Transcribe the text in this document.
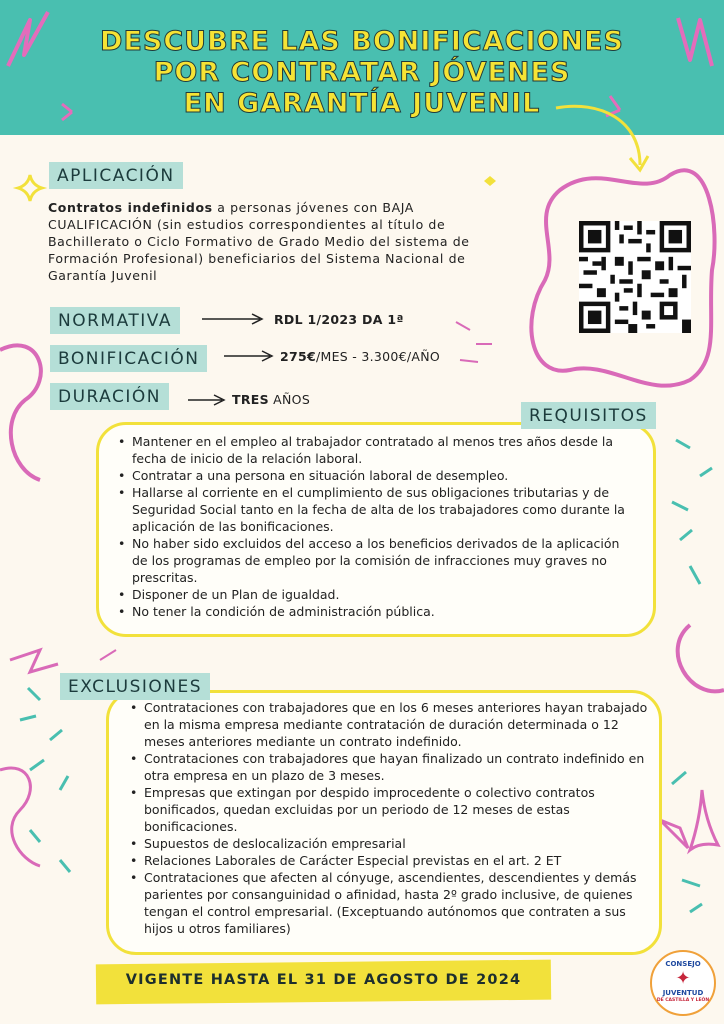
DESCUBRE LAS BONIFICACIONES
POR CONTRATAR JÓVENES
EN GARANTÍA JUVENIL
APLICACIÓN
Contratos indefinidos a personas jóvenes con BAJA CUALIFICACIÓN (sin estudios correspondientes al título de Bachillerato o Ciclo Formativo de Grado Medio del sistema de Formación Profesional) beneficiarios del Sistema Nacional de Garantía Juvenil
NORMATIVA	RDL 1/2023 DA 1ª
BONIFICACIÓN	275€/MES - 3.300€/AÑO
DURACIÓN	TRES AÑOS
REQUISITOS
• Mantener en el empleo al trabajador contratado al menos tres años desde la fecha de inicio de la relación laboral.
• Contratar a una persona en situación laboral de desempleo.
• Hallarse al corriente en el cumplimiento de sus obligaciones tributarias y de Seguridad Social tanto en la fecha de alta de los trabajadores como durante la aplicación de las bonificaciones.
• No haber sido excluidos del acceso a los beneficios derivados de la aplicación de los programas de empleo por la comisión de infracciones muy graves no prescritas.
• Disponer de un Plan de igualdad.
• No tener la condición de administración pública.
EXCLUSIONES
• Contrataciones con trabajadores que en los 6 meses anteriores hayan trabajado en la misma empresa mediante contratación de duración determinada o 12 meses anteriores mediante un contrato indefinido.
• Contrataciones con trabajadores que hayan finalizado un contrato indefinido en otra empresa en un plazo de 3 meses.
• Empresas que extingan por despido improcedente o colectivo contratos bonificados, quedan excluidas por un periodo de 12 meses de estas bonificaciones.
• Supuestos de deslocalización empresarial
• Relaciones Laborales de Carácter Especial previstas en el art. 2 ET
• Contrataciones que afecten al cónyuge, ascendientes, descendientes y demás parientes por consanguinidad o afinidad, hasta 2º grado inclusive, de quienes tengan el control empresarial. (Exceptuando autónomos que contraten a sus hijos u otros familiares)
VIGENTE HASTA EL 31 DE AGOSTO DE 2024
CONSEJO
✦
JUVENTUD
DE CASTILLA Y LEÓN
